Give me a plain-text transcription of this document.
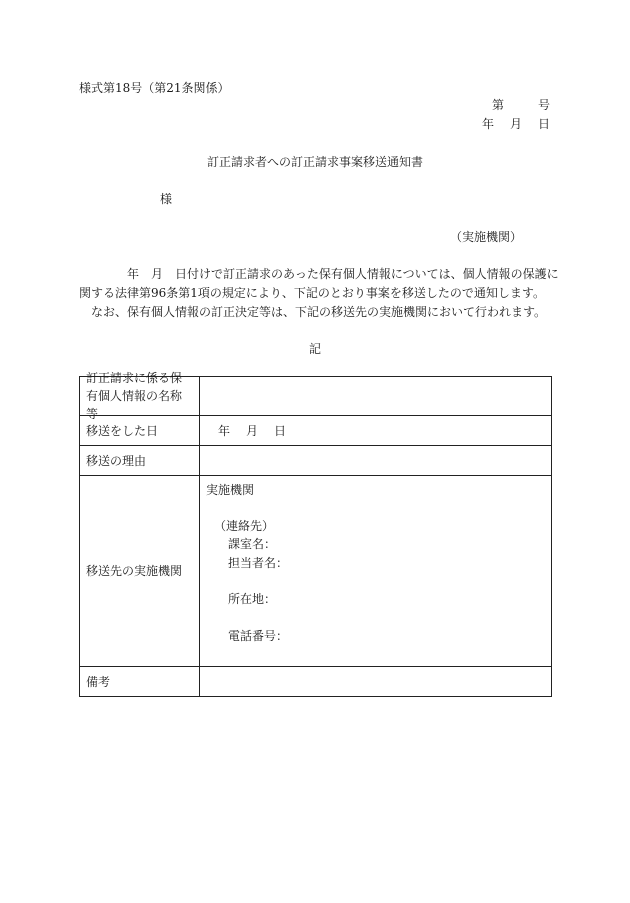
様式第18号（第21条関係）
第	号
年 月 日
訂正請求者への訂正請求事案移送通知書
様
（実施機関）
　　　　年　月　日付けで訂正請求のあった保有個人情報については、個人情報の保護に
関する法律第96条第1項の規定により、下記のとおり事案を移送したので通知します。
　なお、保有個人情報の訂正決定等は、下記の移送先の実施機関において行われます。
記
訂正請求に係る保有個人情報の名称等
移送をした日	年 月 日
移送の理由
移送先の実施機関
実施機関
（連絡先）
課室名：
担当者名：
所在地：
電話番号：
備考
